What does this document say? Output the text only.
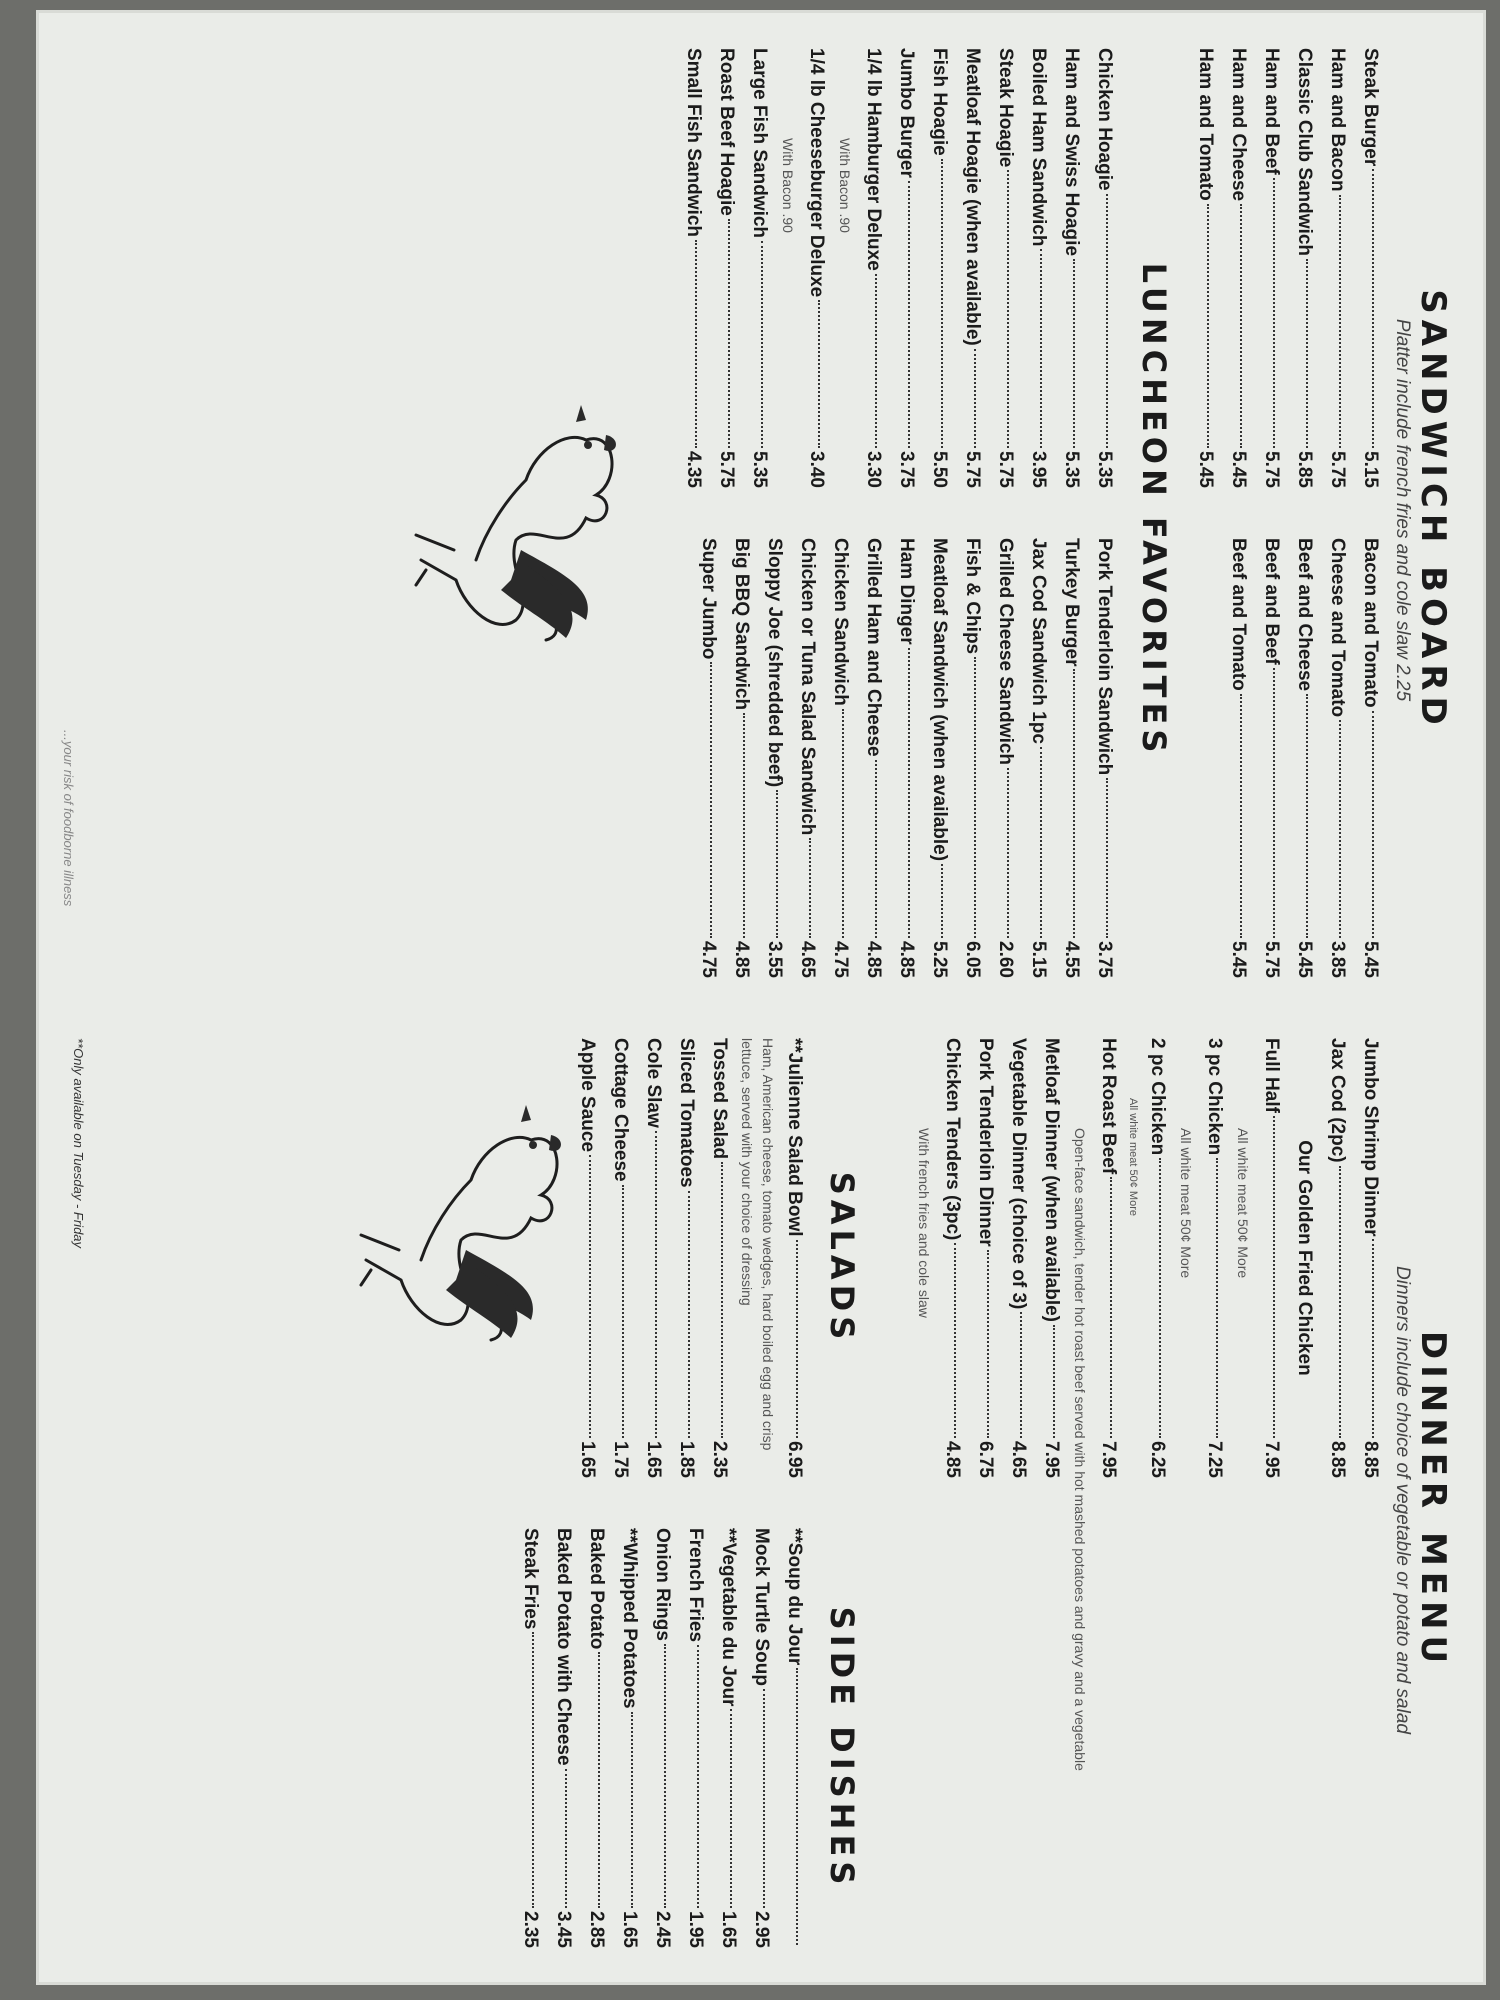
SANDWICH BOARD
Platter include french fries and cole slaw 2.25
Steak Burger
5.15
Ham and Bacon
5.75
Classic Club Sandwich
5.85
Ham and Beef
5.75
Ham and Cheese
5.45
Ham and Tomato
5.45
Bacon and Tomato
5.45
Cheese and Tomato
3.85
Beef and Cheese
5.45
Beef and Beef
5.75
Beef and Tomato
5.45
LUNCHEON FAVORITES
Chicken Hoagie
5.35
Ham and Swiss Hoagie
5.35
Boiled Ham Sandwich
3.95
Steak Hoagie
5.75
Meatloaf Hoagie (when available)
5.75
Fish Hoagie
5.50
Jumbo Burger
3.75
1/4 lb Hamburger Deluxe
3.30
With Bacon .90
1/4 lb Cheeseburger Deluxe
3.40
With Bacon .90
Large Fish Sandwich
5.35
Roast Beef Hoagie
5.75
Small Fish Sandwich
4.35
Pork Tenderloin Sandwich
3.75
Turkey Burger
4.55
Jax Cod Sandwich 1pc
5.15
Grilled Cheese Sandwich
2.60
Fish & Chips
6.05
Meatloaf Sandwich (when available)
5.25
Ham Dinger
4.85
Grilled Ham and Cheese
4.85
Chicken Sandwich
4.75
Chicken or Tuna Salad Sandwich
4.65
Sloppy Joe (shredded beef)
3.55
Big BBQ Sandwich
4.85
Super Jumbo
4.75
DINNER MENU
Dinners include choice of vegetable or potato and salad
Jumbo Shrimp Dinner
8.85
Jax Cod (2pc)
8.85
Our Golden Fried Chicken
Full Half
7.95
All white meat 50¢ More
3 pc Chicken
7.25
All white meat 50¢ More
2 pc Chicken
6.25
All white meat 50¢ More
Hot Roast Beef
7.95
Open-face sandwich, tender hot roast beef served with hot mashed potatoes and gravy and a vegetable
Metloaf Dinner (when available)
7.95
Vegetable Dinner (choice of 3)
4.65
Pork Tenderloin Dinner
6.75
Chicken Tenders (3pc)
4.85
With french fries and cole slaw
SALADS
**Julienne Salad Bowl
6.95
Ham, American cheese, tomato wedges, hard boiled egg and crisp
lettuce, served with your choice of dressing
Tossed Salad
2.35
Sliced Tomatoes
1.85
Cole Slaw
1.65
Cottage Cheese
1.75
Apple Sauce
1.65
SIDE DISHES
**Soup du Jour
Mock Turtle Soup
2.95
**Vegetable du Jour
1.65
French Fries
1.95
Onion Rings
2.45
**Whipped Potatoes
1.65
Baked Potato
2.85
Baked Potato with Cheese
3.45
Steak Fries
2.35
**Only available on Tuesday - Friday
...your risk of foodborne illness
